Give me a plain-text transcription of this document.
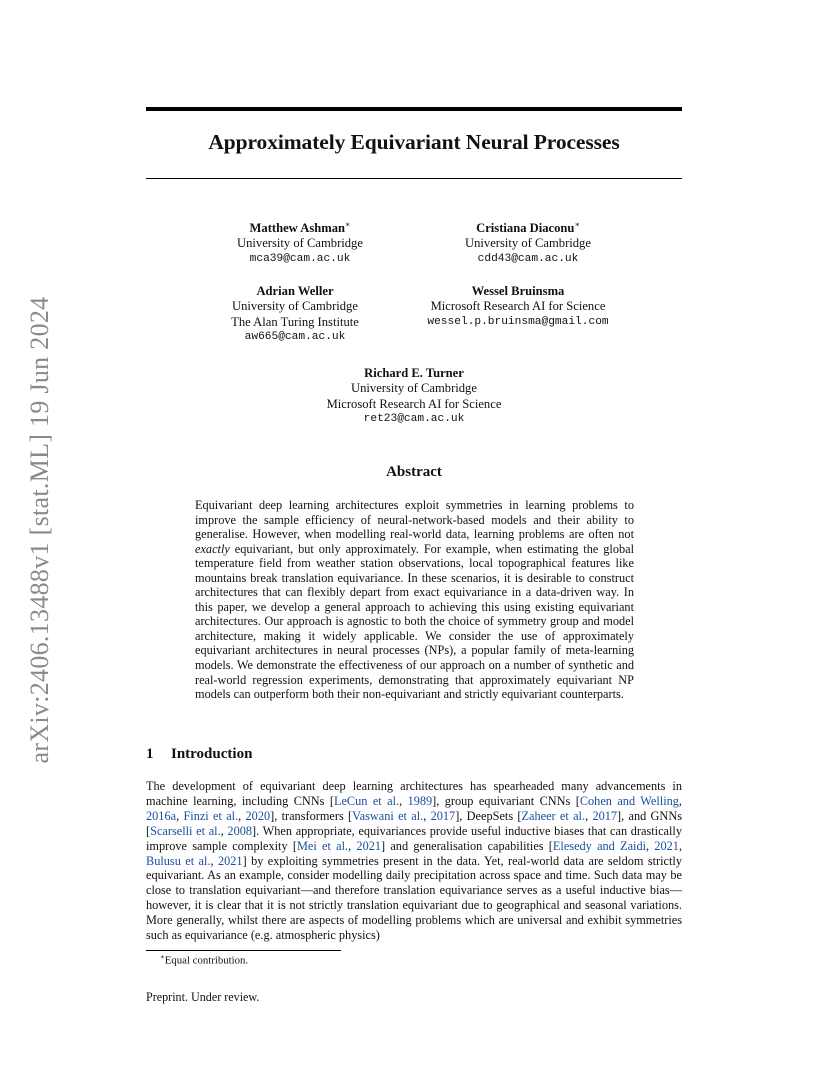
arXiv:2406.13488v1 [stat.ML] 19 Jun 2024
Approximately Equivariant Neural Processes
Matthew Ashman∗
University of Cambridge
mca39@cam.ac.uk
Cristiana Diaconu∗
University of Cambridge
cdd43@cam.ac.uk
Adrian Weller
University of Cambridge
The Alan Turing Institute
aw665@cam.ac.uk
Wessel Bruinsma
Microsoft Research AI for Science
wessel.p.bruinsma@gmail.com
Richard E. Turner
University of Cambridge
Microsoft Research AI for Science
ret23@cam.ac.uk
Abstract
Equivariant deep learning architectures exploit symmetries in learning problems to improve the sample efficiency of neural-network-based models and their ability to generalise. However, when modelling real-world data, learning problems are often not exactly equivariant, but only approximately. For example, when estimating the global temperature field from weather station observations, local topographical features like mountains break translation equivariance. In these scenarios, it is desirable to construct architectures that can flexibly depart from exact equivariance in a data-driven way. In this paper, we develop a general approach to achieving this using existing equivariant architectures. Our approach is agnostic to both the choice of symmetry group and model architecture, making it widely applicable. We consider the use of approximately equivariant architectures in neural processes (NPs), a popular family of meta-learning models. We demonstrate the effectiveness of our approach on a number of synthetic and real-world regression experiments, demonstrating that approximately equivariant NP models can outperform both their non-equivariant and strictly equivariant counterparts.
1 Introduction
The development of equivariant deep learning architectures has spearheaded many advancements in machine learning, including CNNs [LeCun et al., 1989], group equivariant CNNs [Cohen and Welling, 2016a, Finzi et al., 2020], transformers [Vaswani et al., 2017], DeepSets [Zaheer et al., 2017], and GNNs [Scarselli et al., 2008]. When appropriate, equivariances provide useful inductive biases that can drastically improve sample complexity [Mei et al., 2021] and generalisation capabilities [Elesedy and Zaidi, 2021, Bulusu et al., 2021] by exploiting symmetries present in the data. Yet, real-world data are seldom strictly equivariant. As an example, consider modelling daily precipitation across space and time. Such data may be close to translation equivariant—and therefore translation equivariance serves as a useful inductive bias—however, it is clear that it is not strictly translation equivariant due to geographical and seasonal variations. More generally, whilst there are aspects of modelling problems which are universal and exhibit symmetries such as equivariance (e.g. atmospheric physics)
∗Equal contribution.
Preprint. Under review.
